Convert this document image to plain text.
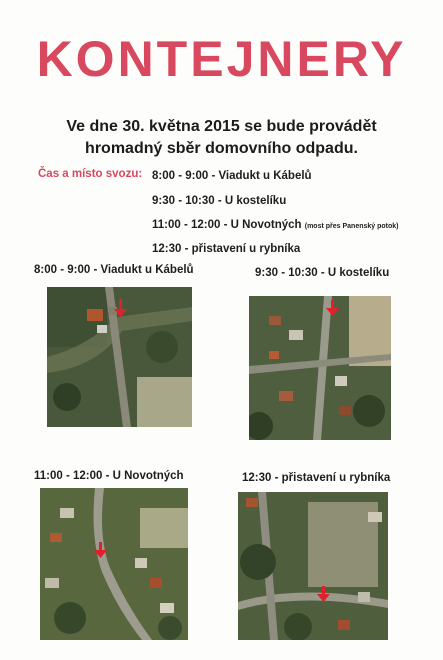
KONTEJNERY
Ve dne 30. května 2015 se bude provádět
hromadný sběr domovního odpadu.
Čas a místo svozu: 8:00 - 9:00 - Viadukt u Kábelů
9:30 - 10:30 - U kostelíku
11:00 - 12:00 - U Novotných (most přes Panenský potok)
12:30 - přistavení u rybníka
8:00 - 9:00 - Viadukt u Kábelů	9:30 - 10:30 - U kostelíku
11:00 - 12:00 - U Novotných	12:30 - přistavení u rybníka
